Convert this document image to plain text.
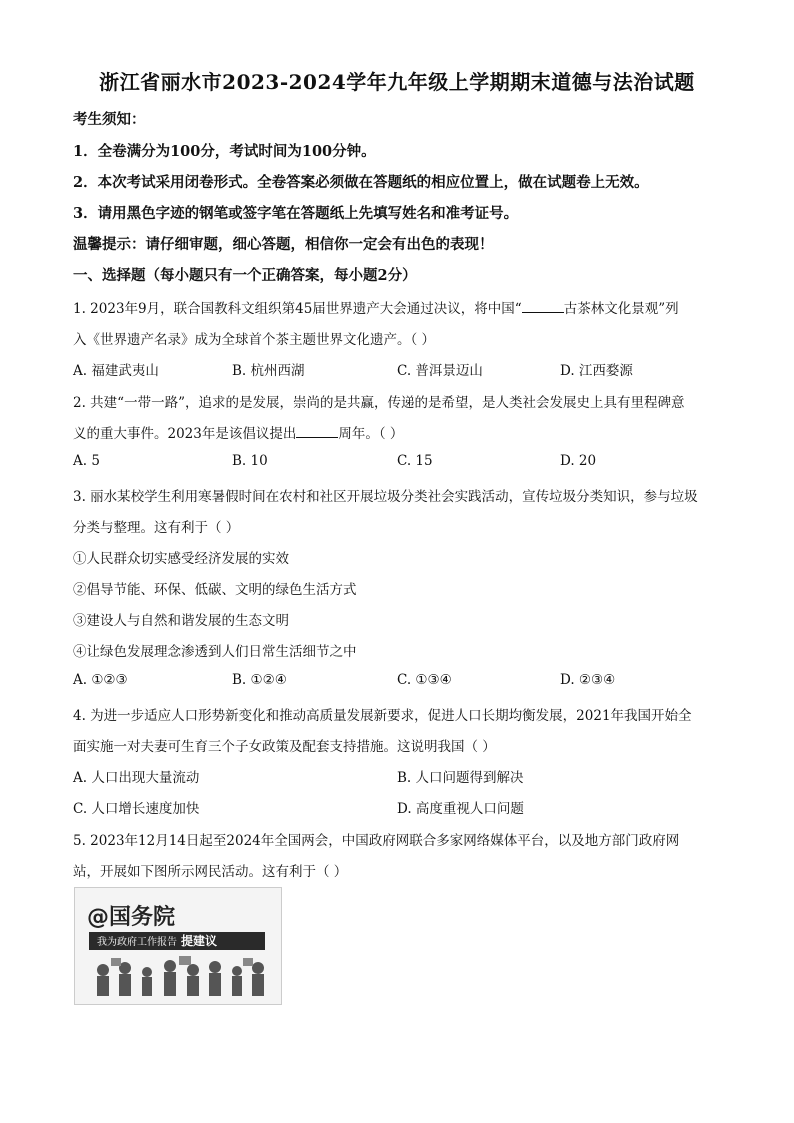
浙江省丽水市2023-2024学年九年级上学期期末道德与法治试题
考生须知：
1．全卷满分为100分，考试时间为100分钟。
2．本次考试采用闭卷形式。全卷答案必须做在答题纸的相应位置上，做在试题卷上无效。
3．请用黑色字迹的钢笔或签字笔在答题纸上先填写姓名和准考证号。
温馨提示：请仔细审题，细心答题，相信你一定会有出色的表现！
一、选择题（每小题只有一个正确答案，每小题2分）
1. 2023年9月，联合国教科文组织第45届世界遗产大会通过决议，将中国“	古茶林文化景观”列
入《世界遗产名录》成为全球首个茶主题世界文化遗产。（ ）
A. 福建武夷山	B. 杭州西湖	C. 普洱景迈山	D. 江西婺源
2. 共建“一带一路”，追求的是发展，崇尚的是共赢，传递的是希望，是人类社会发展史上具有里程碑意
义的重大事件。2023年是该倡议提出	周年。（ ）
A. 5	B. 10	C. 15	D. 20
3. 丽水某校学生利用寒暑假时间在农村和社区开展垃圾分类社会实践活动，宣传垃圾分类知识，参与垃圾
分类与整理。这有利于（ ）
①人民群众切实感受经济发展的实效
②倡导节能、环保、低碳、文明的绿色生活方式
③建设人与自然和谐发展的生态文明
④让绿色发展理念渗透到人们日常生活细节之中
A. ①②③	B. ①②④	C. ①③④	D. ②③④
4. 为进一步适应人口形势新变化和推动高质量发展新要求，促进人口长期均衡发展，2021年我国开始全
面实施一对夫妻可生育三个子女政策及配套支持措施。这说明我国（ ）
A. 人口出现大量流动	B. 人口问题得到解决
C. 人口增长速度加快	D. 高度重视人口问题
5. 2023年12月14日起至2024年全国两会，中国政府网联合多家网络媒体平台，以及地方部门政府网
站，开展如下图所示网民活动。这有利于（ ）
@国务院
我为政府工作报告 提建议
